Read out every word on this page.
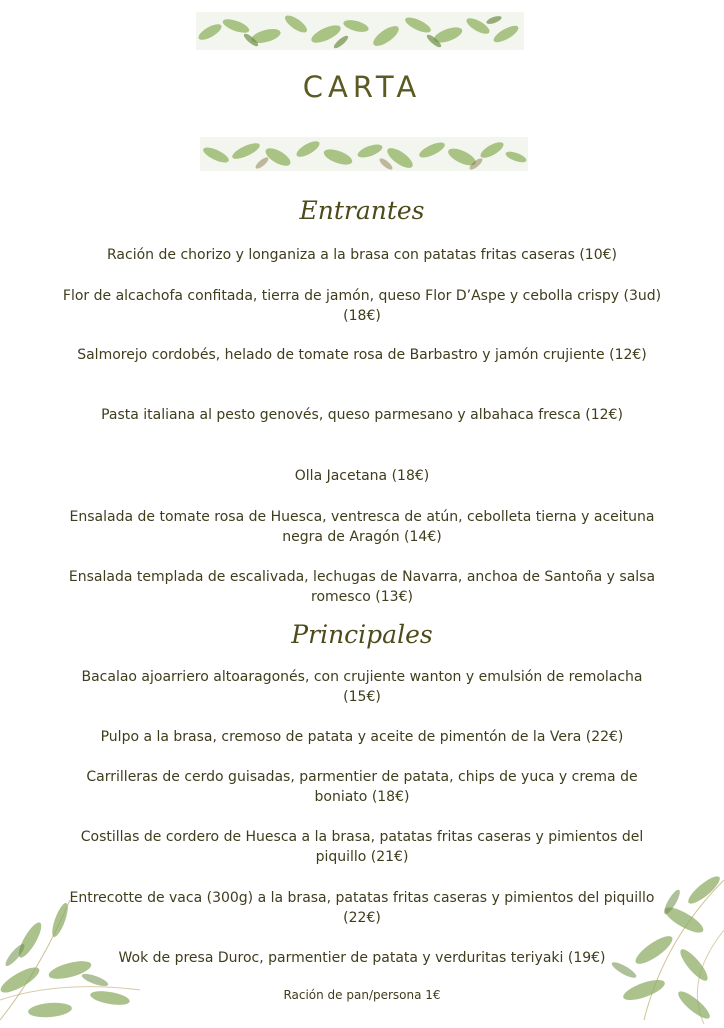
CARTA
Entrantes
Ración de chorizo y longaniza a la brasa con patatas fritas caseras (10€)
Flor de alcachofa confitada, tierra de jamón, queso Flor D’Aspe y cebolla crispy (3ud) (18€)
Salmorejo cordobés, helado de tomate rosa de Barbastro y jamón crujiente (12€)
Pasta italiana al pesto genovés, queso parmesano y albahaca fresca (12€)
Olla Jacetana (18€)
Ensalada de tomate rosa de Huesca, ventresca de atún, cebolleta tierna y aceituna negra de Aragón (14€)
Ensalada templada de escalivada, lechugas de Navarra, anchoa de Santoña y salsa romesco (13€)
Principales
Bacalao ajoarriero altoaragonés, con crujiente wanton y emulsión de remolacha (15€)
Pulpo a la brasa, cremoso de patata y aceite de pimentón de la Vera (22€)
Carrilleras de cerdo guisadas, parmentier de patata, chips de yuca y crema de boniato (18€)
Costillas de cordero de Huesca a la brasa, patatas fritas caseras y pimientos del piquillo (21€)
Entrecotte de vaca (300g) a la brasa, patatas fritas caseras y pimientos del piquillo (22€)
Wok de presa Duroc, parmentier de patata y verduritas teriyaki (19€)
Ración de pan/persona 1€
